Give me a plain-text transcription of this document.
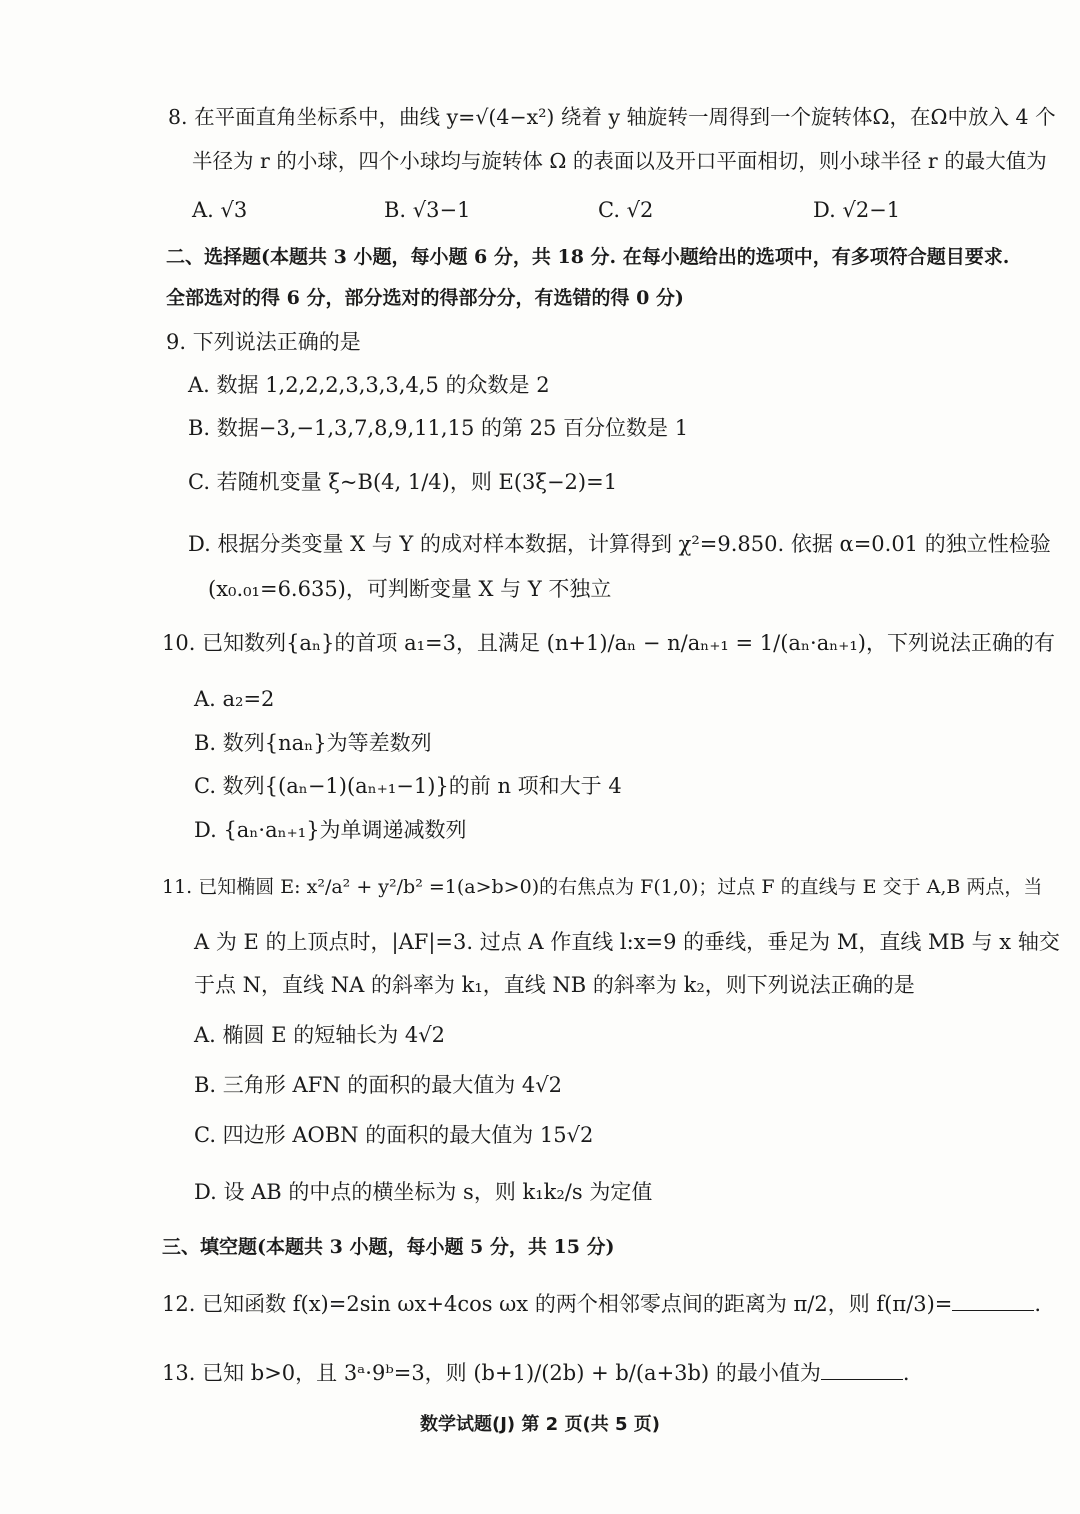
8. 在平面直角坐标系中，曲线 y=√(4−x²) 绕着 y 轴旋转一周得到一个旋转体Ω，在Ω中放入 4 个
半径为 r 的小球，四个小球均与旋转体 Ω 的表面以及开口平面相切，则小球半径 r 的最大值为
A. √3	B. √3−1	C. √2	D. √2−1
二、选择题(本题共 3 小题，每小题 6 分，共 18 分. 在每小题给出的选项中，有多项符合题目要求.
全部选对的得 6 分，部分选对的得部分分，有选错的得 0 分)
9. 下列说法正确的是
A. 数据 1,2,2,2,3,3,3,4,5 的众数是 2
B. 数据−3,−1,3,7,8,9,11,15 的第 25 百分位数是 1
C. 若随机变量 ξ~B(4, 1/4)，则 E(3ξ−2)=1
D. 根据分类变量 X 与 Y 的成对样本数据，计算得到 χ²=9.850. 依据 α=0.01 的独立性检验
(x₀.₀₁=6.635)，可判断变量 X 与 Y 不独立
10. 已知数列{aₙ}的首项 a₁=3，且满足 (n+1)/aₙ − n/aₙ₊₁ = 1/(aₙ·aₙ₊₁)，下列说法正确的有
A. a₂=2
B. 数列{naₙ}为等差数列
C. 数列{(aₙ−1)(aₙ₊₁−1)}的前 n 项和大于 4
D. {aₙ·aₙ₊₁}为单调递减数列
11. 已知椭圆 E: x²/a² + y²/b² =1(a>b>0)的右焦点为 F(1,0)；过点 F 的直线与 E 交于 A,B 两点，当
A 为 E 的上顶点时，|AF|=3. 过点 A 作直线 l:x=9 的垂线，垂足为 M，直线 MB 与 x 轴交
于点 N，直线 NA 的斜率为 k₁，直线 NB 的斜率为 k₂，则下列说法正确的是
A. 椭圆 E 的短轴长为 4√2
B. 三角形 AFN 的面积的最大值为 4√2
C. 四边形 AOBN 的面积的最大值为 15√2
D. 设 AB 的中点的横坐标为 s，则 k₁k₂/s 为定值
三、填空题(本题共 3 小题，每小题 5 分，共 15 分)
12. 已知函数 f(x)=2sin ωx+4cos ωx 的两个相邻零点间的距离为 π/2，则 f(π/3)=	.
13. 已知 b>0，且 3ᵃ·9ᵇ=3，则 (b+1)/(2b) + b/(a+3b) 的最小值为	.
数学试题(J) 第 2 页(共 5 页)
